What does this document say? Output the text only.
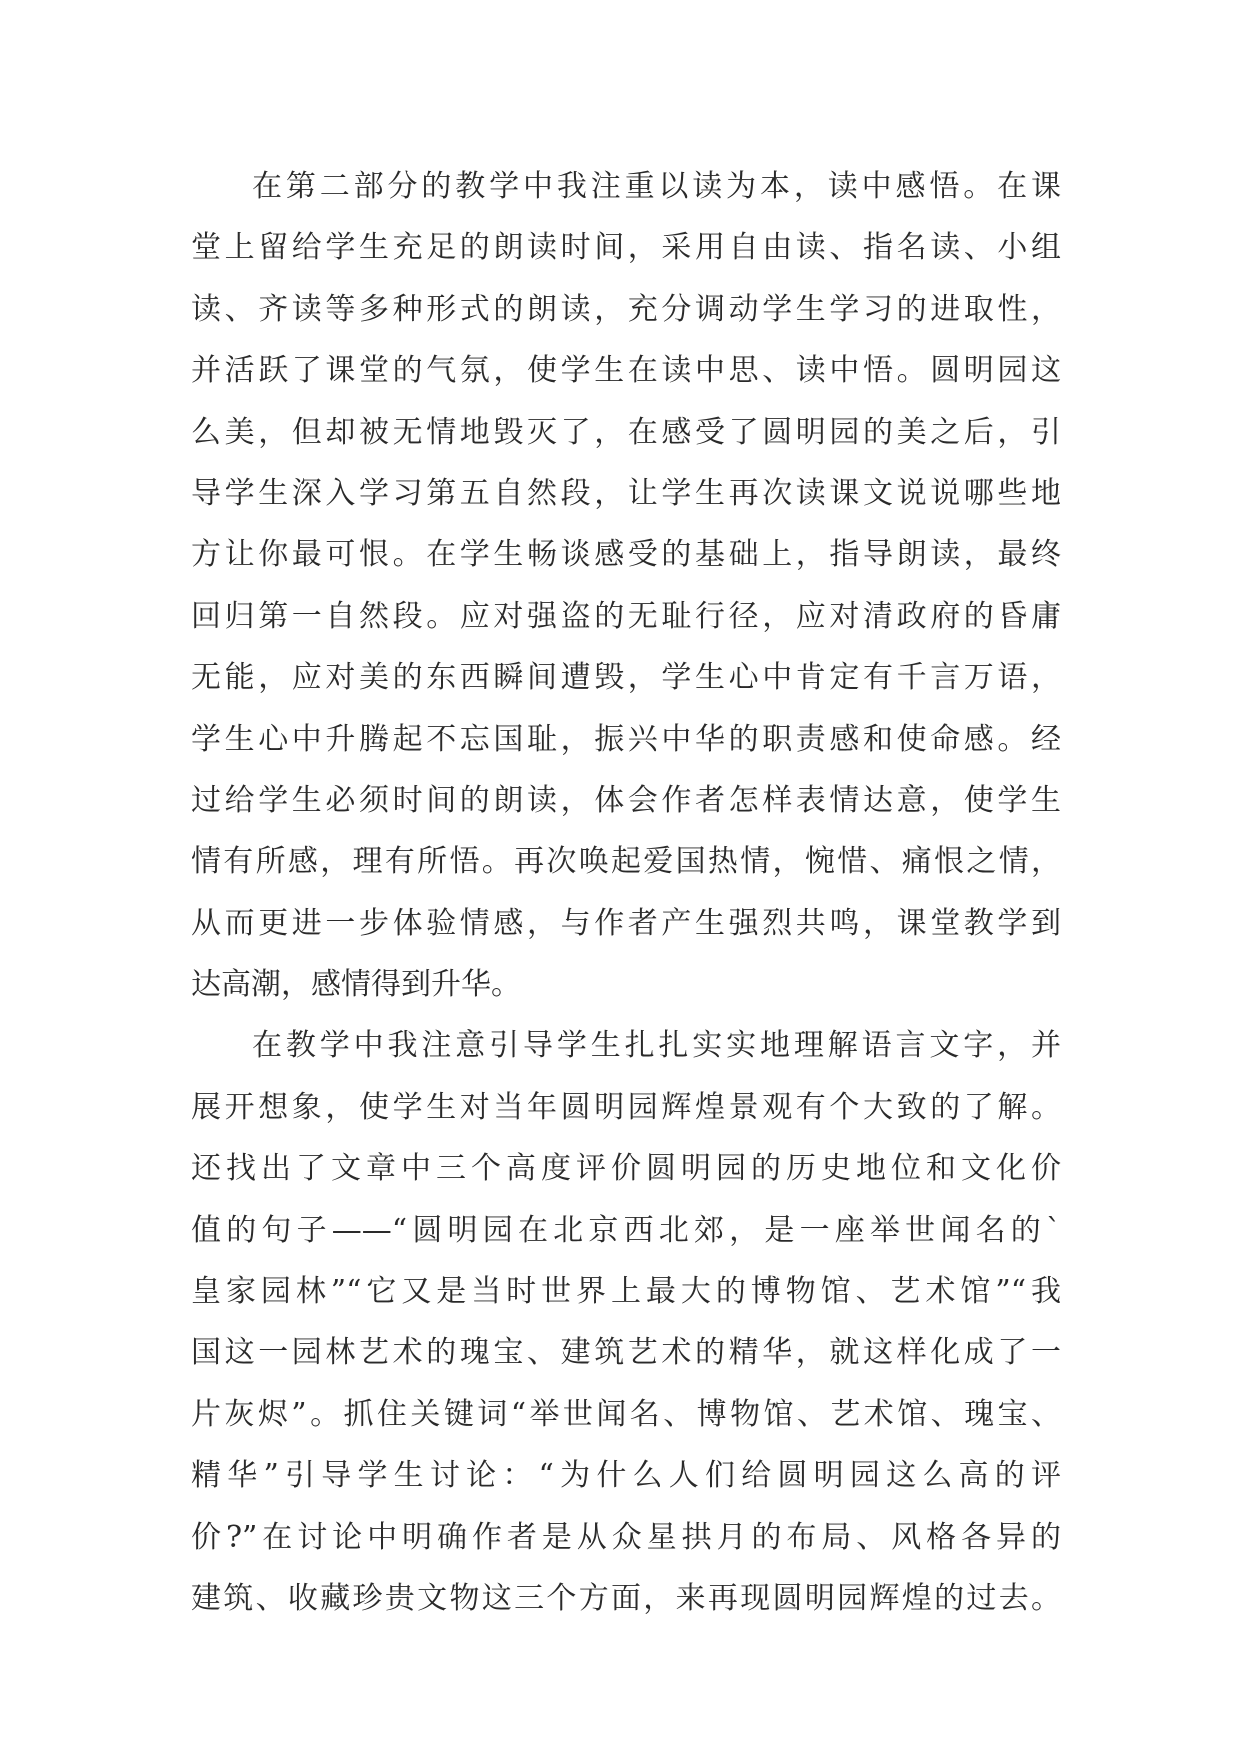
在第二部分的教学中我注重以读为本，读中感悟。在课
堂上留给学生充足的朗读时间，采用自由读、指名读、小组
读、齐读等多种形式的朗读，充分调动学生学习的进取性，
并活跃了课堂的气氛，使学生在读中思、读中悟。圆明园这
么美，但却被无情地毁灭了，在感受了圆明园的美之后，引
导学生深入学习第五自然段，让学生再次读课文说说哪些地
方让你最可恨。在学生畅谈感受的基础上，指导朗读，最终
回归第一自然段。应对强盗的无耻行径，应对清政府的昏庸
无能，应对美的东西瞬间遭毁，学生心中肯定有千言万语，
学生心中升腾起不忘国耻，振兴中华的职责感和使命感。经
过给学生必须时间的朗读，体会作者怎样表情达意，使学生
情有所感，理有所悟。再次唤起爱国热情，惋惜、痛恨之情，
从而更进一步体验情感，与作者产生强烈共鸣，课堂教学到
达高潮，感情得到升华。
在教学中我注意引导学生扎扎实实地理解语言文字，并
展开想象，使学生对当年圆明园辉煌景观有个大致的了解。
还找出了文章中三个高度评价圆明园的历史地位和文化价
值的句子——“圆明园在北京西北郊，是一座举世闻名的`
皇家园林”“它又是当时世界上最大的博物馆、艺术馆”“我
国这一园林艺术的瑰宝、建筑艺术的精华，就这样化成了一
片灰烬”。抓住关键词“举世闻名、博物馆、艺术馆、瑰宝、
精华”引导学生讨论：“为什么人们给圆明园这么高的评
价?”在讨论中明确作者是从众星拱月的布局、风格各异的
建筑、收藏珍贵文物这三个方面，来再现圆明园辉煌的过去。
